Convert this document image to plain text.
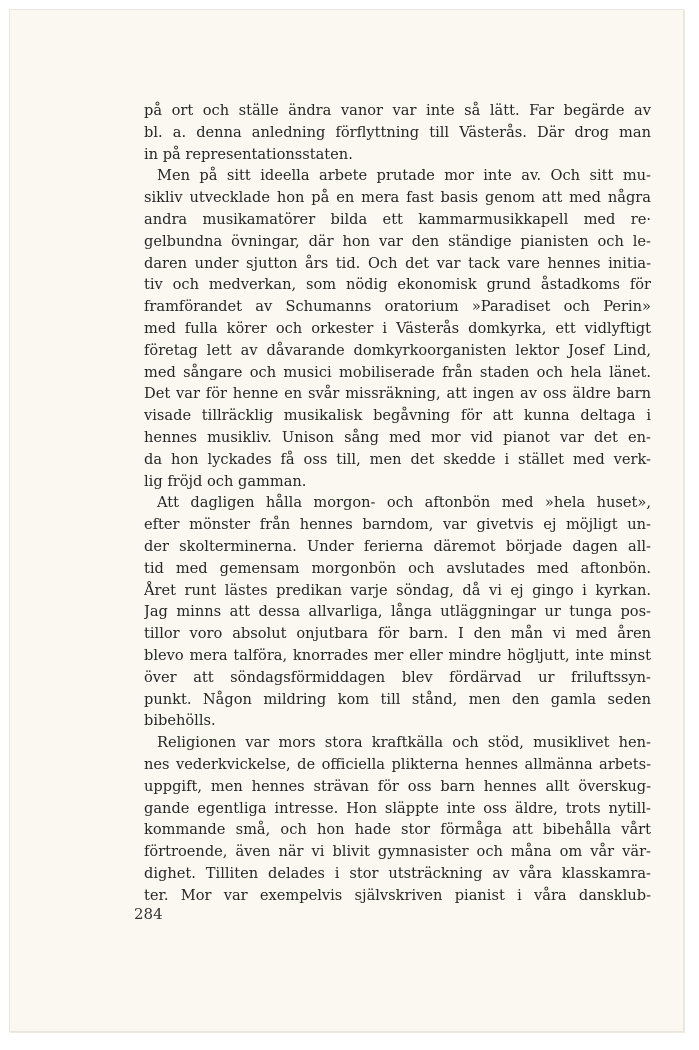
på ort och ställe ändra vanor var inte så lätt. Far begärde av
bl. a. denna anledning förflyttning till Västerås. Där drog man
in på representationsstaten.
Men på sitt ideella arbete prutade mor inte av. Och sitt mu-
sikliv utvecklade hon på en mera fast basis genom att med några
andra musikamatörer bilda ett kammarmusikkapell med re·
gelbundna övningar, där hon var den ständige pianisten och le-
daren under sjutton års tid. Och det var tack vare hennes initia-
tiv och medverkan, som nödig ekonomisk grund åstadkoms för
framförandet av Schumanns oratorium »Paradiset och Perin»
med fulla körer och orkester i Västerås domkyrka, ett vidlyftigt
företag lett av dåvarande domkyrkoorganisten lektor Josef Lind,
med sångare och musici mobiliserade från staden och hela länet.
Det var för henne en svår missräkning, att ingen av oss äldre barn
visade tillräcklig musikalisk begåvning för att kunna deltaga i
hennes musikliv. Unison sång med mor vid pianot var det en-
da hon lyckades få oss till, men det skedde i stället med verk-
lig fröjd och gamman.
Att dagligen hålla morgon- och aftonbön med »hela huset»,
efter mönster från hennes barndom, var givetvis ej möjligt un-
der skolterminerna. Under ferierna däremot började dagen all-
tid med gemensam morgonbön och avslutades med aftonbön.
Året runt lästes predikan varje söndag, då vi ej gingo i kyrkan.
Jag minns att dessa allvarliga, långa utläggningar ur tunga pos-
tillor voro absolut onjutbara för barn. I den mån vi med åren
blevo mera talföra, knorrades mer eller mindre högljutt, inte minst
över att söndagsförmiddagen blev fördärvad ur friluftssyn-
punkt. Någon mildring kom till stånd, men den gamla seden
bibehölls.
Religionen var mors stora kraftkälla och stöd, musiklivet hen-
nes vederkvickelse, de officiella plikterna hennes allmänna arbets-
uppgift, men hennes strävan för oss barn hennes allt överskug-
gande egentliga intresse. Hon släppte inte oss äldre, trots nytill-
kommande små, och hon hade stor förmåga att bibehålla vårt
förtroende, även när vi blivit gymnasister och måna om vår vär-
dighet. Tilliten delades i stor utsträckning av våra klasskamra-
ter. Mor var exempelvis självskriven pianist i våra dansklub-
284
